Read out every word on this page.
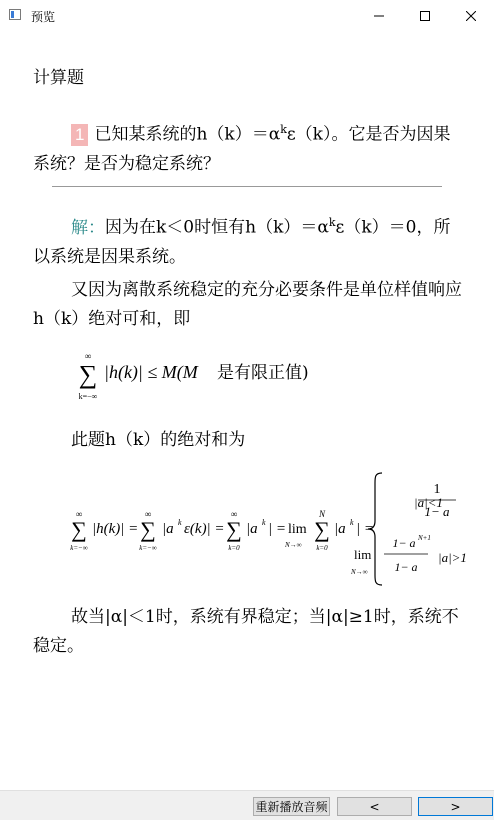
预览
计算题
1 已知某系统的$h(k)=\alpha^k\varepsilon(k)$。它是否为因果系统？是否为稳定系统？
解：因为在k＜0时恒有$h(k)=\alpha^k\varepsilon(k)=0$，所以系统是因果系统。
又因为离散系统稳定的充分必要条件是单位样值响应h（k）绝对可和，即
∞
∑
k=−∞
|h(k)| ≤ M(M 是有限正值)
此题h（k）的绝对和为
∞
∑
k=−∞
|h(k)| =
∞
∑
k=−∞
|a k ε(k)| =
∞
∑
k=0
|a k | = lim
N→∞
N
∑
k=0
|a k | =
1
1− a
|a|<1
lim
N→∞
1− a N+1
1− a
|a|>1
故当|α|＜1时，系统有界稳定；当|α|≥1时，系统不稳定。
重新播放音频	<	>
